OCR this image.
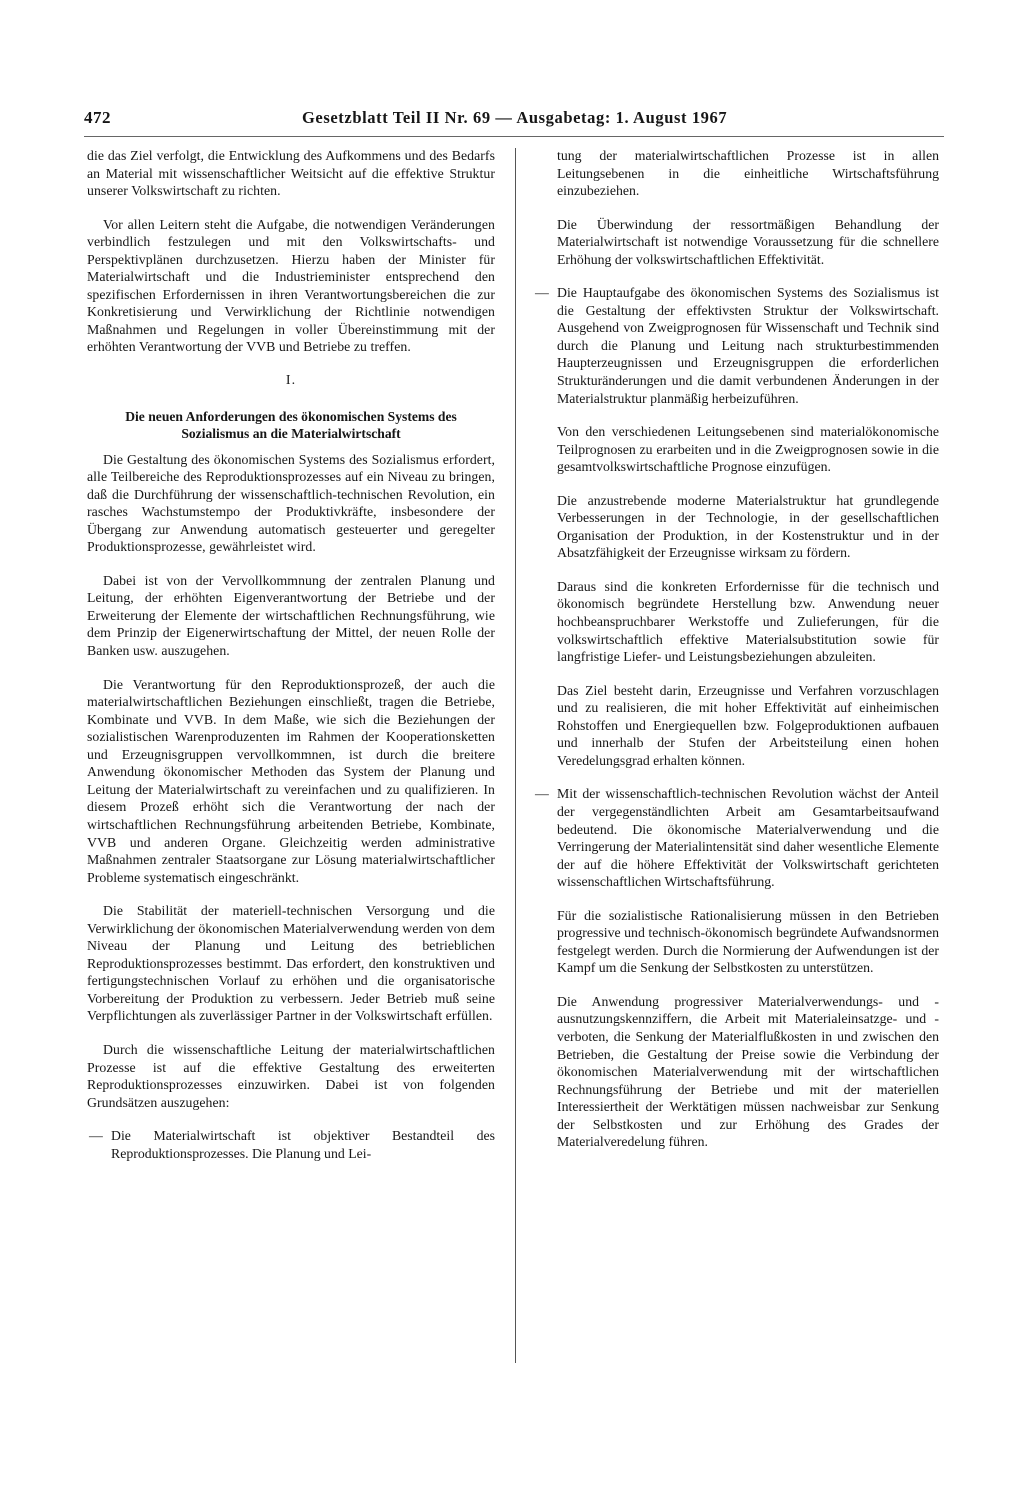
472	Gesetzblatt Teil II Nr. 69 — Ausgabetag: 1. August 1967

die das Ziel verfolgt, die Entwicklung des Aufkommens und des Bedarfs an Material mit wissenschaftlicher Weitsicht auf die effektive Struktur unserer Volkswirtschaft zu richten.

Vor allen Leitern steht die Aufgabe, die notwendigen Veränderungen verbindlich festzulegen und mit den Volkswirtschafts- und Perspektivplänen durchzusetzen. Hierzu haben der Minister für Materialwirtschaft und die Industrieminister entsprechend den spezifischen Erfordernissen in ihren Verantwortungsbereichen die zur Konkretisierung und Verwirklichung der Richtlinie notwendigen Maßnahmen und Regelungen in voller Übereinstimmung mit der erhöhten Verantwortung der VVB und Betriebe zu treffen.

I.
Die neuen Anforderungen des ökonomischen Systems des Sozialismus an die Materialwirtschaft

Die Gestaltung des ökonomischen Systems des Sozialismus erfordert, alle Teilbereiche des Reproduktionsprozesses auf ein Niveau zu bringen, daß die Durchführung der wissenschaftlich-technischen Revolution, ein rasches Wachstumstempo der Produktivkräfte, insbesondere der Übergang zur Anwendung automatisch gesteuerter und geregelter Produktionsprozesse, gewährleistet wird.

Dabei ist von der Vervollkommnung der zentralen Planung und Leitung, der erhöhten Eigenverantwortung der Betriebe und der Erweiterung der Elemente der wirtschaftlichen Rechnungsführung, wie dem Prinzip der Eigenerwirtschaftung der Mittel, der neuen Rolle der Banken usw. auszugehen.

Die Verantwortung für den Reproduktionsprozeß, der auch die materialwirtschaftlichen Beziehungen einschließt, tragen die Betriebe, Kombinate und VVB. In dem Maße, wie sich die Beziehungen der sozialistischen Warenproduzenten im Rahmen der Kooperationsketten und Erzeugnisgruppen vervollkommnen, ist durch die breitere Anwendung ökonomischer Methoden das System der Planung und Leitung der Materialwirtschaft zu vereinfachen und zu qualifizieren. In diesem Prozeß erhöht sich die Verantwortung der nach der wirtschaftlichen Rechnungsführung arbeitenden Betriebe, Kombinate, VVB und anderen Organe. Gleichzeitig werden administrative Maßnahmen zentraler Staatsorgane zur Lösung materialwirtschaftlicher Probleme systematisch eingeschränkt.

Die Stabilität der materiell-technischen Versorgung und die Verwirklichung der ökonomischen Materialverwendung werden von dem Niveau der Planung und Leitung des betrieblichen Reproduktionsprozesses bestimmt. Das erfordert, den konstruktiven und fertigungstechnischen Vorlauf zu erhöhen und die organisatorische Vorbereitung der Produktion zu verbessern. Jeder Betrieb muß seine Verpflichtungen als zuverlässiger Partner in der Volkswirtschaft erfüllen.

Durch die wissenschaftliche Leitung der materialwirtschaftlichen Prozesse ist auf die effektive Gestaltung des erweiterten Reproduktionsprozesses einzuwirken. Dabei ist von folgenden Grundsätzen auszugehen:

— Die Materialwirtschaft ist objektiver Bestandteil des Reproduktionsprozesses. Die Planung und Lei-
tung der materialwirtschaftlichen Prozesse ist in allen Leitungsebenen in die einheitliche Wirtschaftsführung einzubeziehen.
Die Überwindung der ressortmäßigen Behandlung der Materialwirtschaft ist notwendige Voraussetzung für die schnellere Erhöhung der volkswirtschaftlichen Effektivität.
— Die Hauptaufgabe des ökonomischen Systems des Sozialismus ist die Gestaltung der effektivsten Struktur der Volkswirtschaft. Ausgehend von Zweigprognosen für Wissenschaft und Technik sind durch die Planung und Leitung nach strukturbestimmenden Haupterzeugnissen und Erzeugnisgruppen die erforderlichen Strukturänderungen und die damit verbundenen Änderungen in der Materialstruktur planmäßig herbeizuführen.
Von den verschiedenen Leitungsebenen sind materialökonomische Teilprognosen zu erarbeiten und in die Zweigprognosen sowie in die gesamtvolkswirtschaftliche Prognose einzufügen.
Die anzustrebende moderne Materialstruktur hat grundlegende Verbesserungen in der Technologie, in der gesellschaftlichen Organisation der Produktion, in der Kostenstruktur und in der Absatzfähigkeit der Erzeugnisse wirksam zu fördern.
Daraus sind die konkreten Erfordernisse für die technisch und ökonomisch begründete Herstellung bzw. Anwendung neuer hochbeanspruchbarer Werkstoffe und Zulieferungen, für die volkswirtschaftlich effektive Materialsubstitution sowie für langfristige Liefer- und Leistungsbeziehungen abzuleiten.
Das Ziel besteht darin, Erzeugnisse und Verfahren vorzuschlagen und zu realisieren, die mit hoher Effektivität auf einheimischen Rohstoffen und Energiequellen bzw. Folgeproduktionen aufbauen und innerhalb der Stufen der Arbeitsteilung einen hohen Veredelungsgrad erhalten können.
— Mit der wissenschaftlich-technischen Revolution wächst der Anteil der vergegenständlichten Arbeit am Gesamtarbeitsaufwand bedeutend. Die ökonomische Materialverwendung und die Verringerung der Materialintensität sind daher wesentliche Elemente der auf die höhere Effektivität der Volkswirtschaft gerichteten wissenschaftlichen Wirtschaftsführung.
Für die sozialistische Rationalisierung müssen in den Betrieben progressive und technisch-ökonomisch begründete Aufwandsnormen festgelegt werden. Durch die Normierung der Aufwendungen ist der Kampf um die Senkung der Selbstkosten zu unterstützen.
Die Anwendung progressiver Materialverwendungs- und -ausnutzungskennziffern, die Arbeit mit Materialeinsatzge- und -verboten, die Senkung der Materialflußkosten in und zwischen den Betrieben, die Gestaltung der Preise sowie die Verbindung der ökonomischen Materialverwendung mit der wirtschaftlichen Rechnungsführung der Betriebe und mit der materiellen Interessiertheit der Werktätigen müssen nachweisbar zur Senkung der Selbstkosten und zur Erhöhung des Grades der Materialveredelung führen.
